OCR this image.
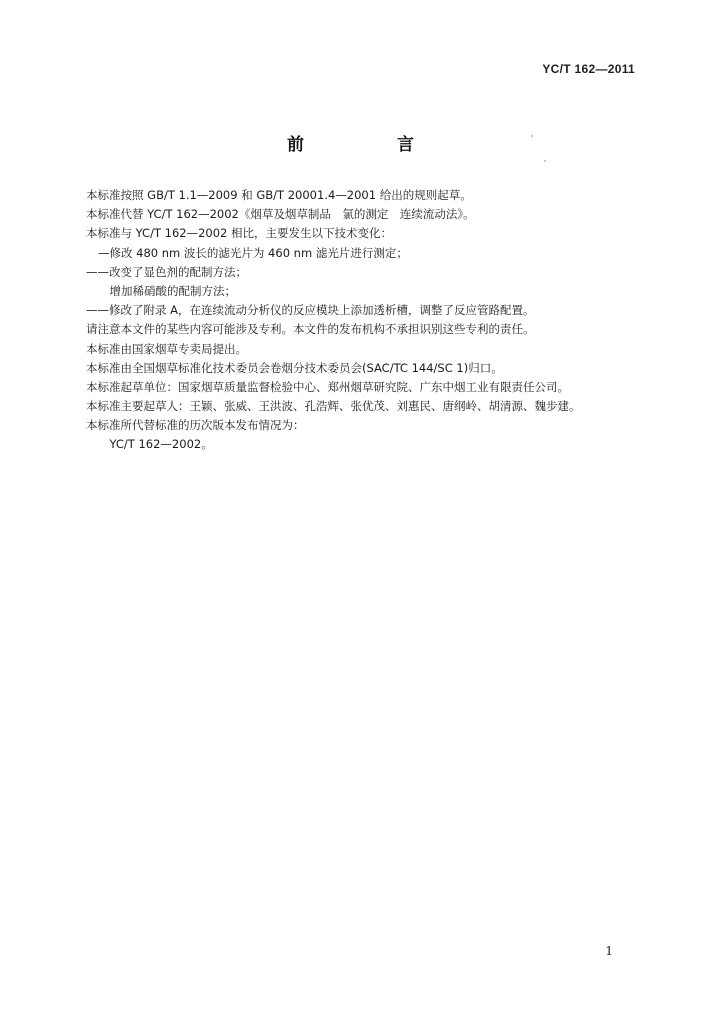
YC/T 162—2011
前　言
本标准按照 GB/T 1.1—2009 和 GB/T 20001.4—2001 给出的规则起草。
本标准代替 YC/T 162—2002《烟草及烟草制品　氯的测定　连续流动法》。
本标准与 YC/T 162—2002 相比，主要发生以下技术变化：
—修改 480 nm 波长的滤光片为 460 nm 滤光片进行测定；
——改变了显色剂的配制方法；
　增加稀硝酸的配制方法；
——修改了附录 A，在连续流动分析仪的反应模块上添加透析槽，调整了反应管路配置。
请注意本文件的某些内容可能涉及专利。本文件的发布机构不承担识别这些专利的责任。
本标准由国家烟草专卖局提出。
本标准由全国烟草标准化技术委员会卷烟分技术委员会(SAC/TC 144/SC 1)归口。
本标准起草单位：国家烟草质量监督检验中心、郑州烟草研究院、广东中烟工业有限责任公司。
本标准主要起草人：王颖、张威、王洪波、孔浩辉、张优茂、刘惠民、唐纲岭、胡清源、魏步建。
本标准所代替标准的历次版本发布情况为：
　YC/T 162—2002。
1
